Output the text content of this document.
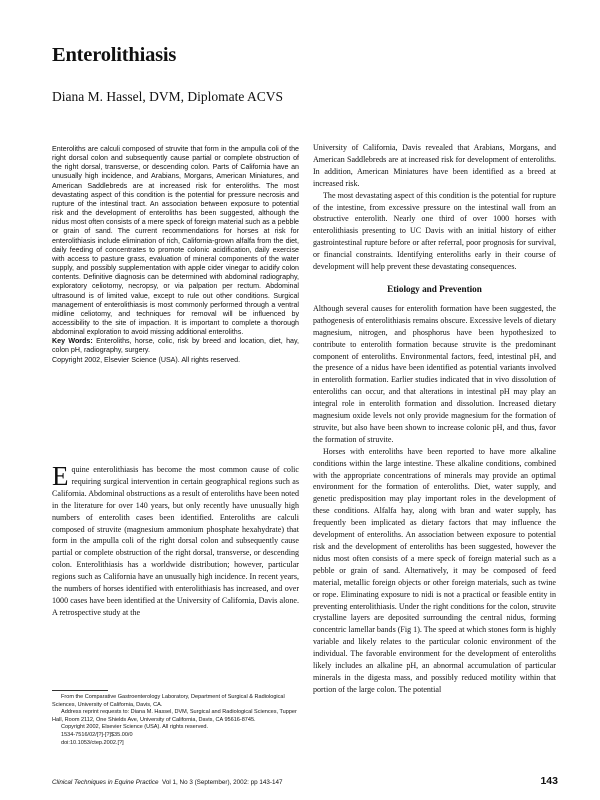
Enterolithiasis
Diana M. Hassel, DVM, Diplomate ACVS

Enteroliths are calculi composed of struvite that form in the ampulla coli of the right dorsal colon and subsequently cause partial or complete obstruction of the right dorsal, transverse, or descending colon. Parts of California have an unusually high incidence, and Arabians, Morgans, American Miniatures, and American Saddlebreds are at increased risk for enteroliths. The most devastating aspect of this condition is the potential for pressure necrosis and rupture of the intestinal tract. An association between exposure to potential risk and the development of enteroliths has been suggested, although the nidus most often consists of a mere speck of foreign material such as a pebble or grain of sand. The current recommendations for horses at risk for enterolithiasis include elimination of rich, California-grown alfalfa from the diet, daily feeding of concentrates to promote colonic acidification, daily exercise with access to pasture grass, evaluation of mineral components of the water supply, and possibly supplementation with apple cider vinegar to acidify colon contents. Definitive diagnosis can be determined with abdominal radiography, exploratory celiotomy, necropsy, or via palpation per rectum. Abdominal ultrasound is of limited value, except to rule out other conditions. Surgical management of enterolithiasis is most commonly performed through a ventral midline celiotomy, and techniques for removal will be influenced by accessibility to the site of impaction. It is important to complete a thorough abdominal exploration to avoid missing additional enteroliths.

Key Words: Enteroliths, horse, colic, risk by breed and location, diet, hay, colon pH, radiography, surgery.

Copyright 2002, Elsevier Science (USA). All rights reserved.

Equine enterolithiasis has become the most common cause of colic requiring surgical intervention in certain geographical regions such as California. Abdominal obstructions as a result of enteroliths have been noted in the literature for over 140 years, but only recently have unusually high numbers of enterolith cases been identified. Enteroliths are calculi composed of struvite (magnesium ammonium phosphate hexahydrate) that form in the ampulla coli of the right dorsal colon and subsequently cause partial or complete obstruction of the right dorsal, transverse, or descending colon. Enterolithiasis has a worldwide distribution; however, particular regions such as California have an unusually high incidence. In recent years, the numbers of horses identified with enterolithiasis has increased, and over 1000 cases have been identified at the University of California, Davis alone. A retrospective study at the

From the Comparative Gastroenterology Laboratory, Department of Surgical & Radiological Sciences, University of California, Davis, CA.

Address reprint requests to: Diana M. Hassel, DVM, Surgical and Radiological Sciences, Tupper Hall, Room 2112, One Shields Ave, University of California, Davis, CA 95616-8745.

Copyright 2002, Elsevier Science (USA). All rights reserved.

1534-7516/02/[?]-[?]$35.00/0

doi:10.1053/ctep.2002.[?]

University of California, Davis revealed that Arabians, Morgans, and American Saddlebreds are at increased risk for development of enteroliths. In addition, American Miniatures have been identified as a breed at increased risk.

The most devastating aspect of this condition is the potential for rupture of the intestine, from excessive pressure on the intestinal wall from an obstructive enterolith. Nearly one third of over 1000 horses with enterolithiasis presenting to UC Davis with an initial history of either gastrointestinal rupture before or after referral, poor prognosis for survival, or financial constraints. Identifying enteroliths early in their course of development will help prevent these devastating consequences.

Etiology and Prevention

Although several causes for enterolith formation have been suggested, the pathogenesis of enterolithiasis remains obscure. Excessive levels of dietary magnesium, nitrogen, and phosphorus have been hypothesized to contribute to enterolith formation because struvite is the predominant component of enteroliths. Environmental factors, feed, intestinal pH, and the presence of a nidus have been identified as potential variants involved in enterolith formation. Earlier studies indicated that in vivo dissolution of enteroliths can occur, and that alterations in intestinal pH may play an integral role in enterolith formation and dissolution. Increased dietary magnesium oxide levels not only provide magnesium for the formation of struvite, but also have been shown to increase colonic pH, and thus, favor the formation of struvite.

Horses with enteroliths have been reported to have more alkaline conditions within the large intestine. These alkaline conditions, combined with the appropriate concentrations of minerals may provide an optimal environment for the formation of enteroliths. Diet, water supply, and genetic predisposition may play important roles in the development of these conditions. Alfalfa hay, along with bran and water supply, has frequently been implicated as dietary factors that may influence the development of enteroliths. An association between exposure to potential risk and the development of enteroliths has been suggested, however the nidus most often consists of a mere speck of foreign material such as a pebble or grain of sand. Alternatively, it may be composed of feed material, metallic foreign objects or other foreign materials, such as twine or rope. Eliminating exposure to nidi is not a practical or feasible entity in preventing enterolithiasis. Under the right conditions for the colon, struvite crystalline layers are deposited surrounding the central nidus, forming concentric lamellar bands (Fig 1). The speed at which stones form is highly variable and likely relates to the particular colonic environment of the individual. The favorable environment for the development of enteroliths likely includes an alkaline pH, an abnormal accumulation of particular minerals in the digesta mass, and possibly reduced motility within that portion of the large colon. The potential

Clinical Techniques in Equine Practice Vol 1, No 3 (September), 2002: pp 143-147	143
